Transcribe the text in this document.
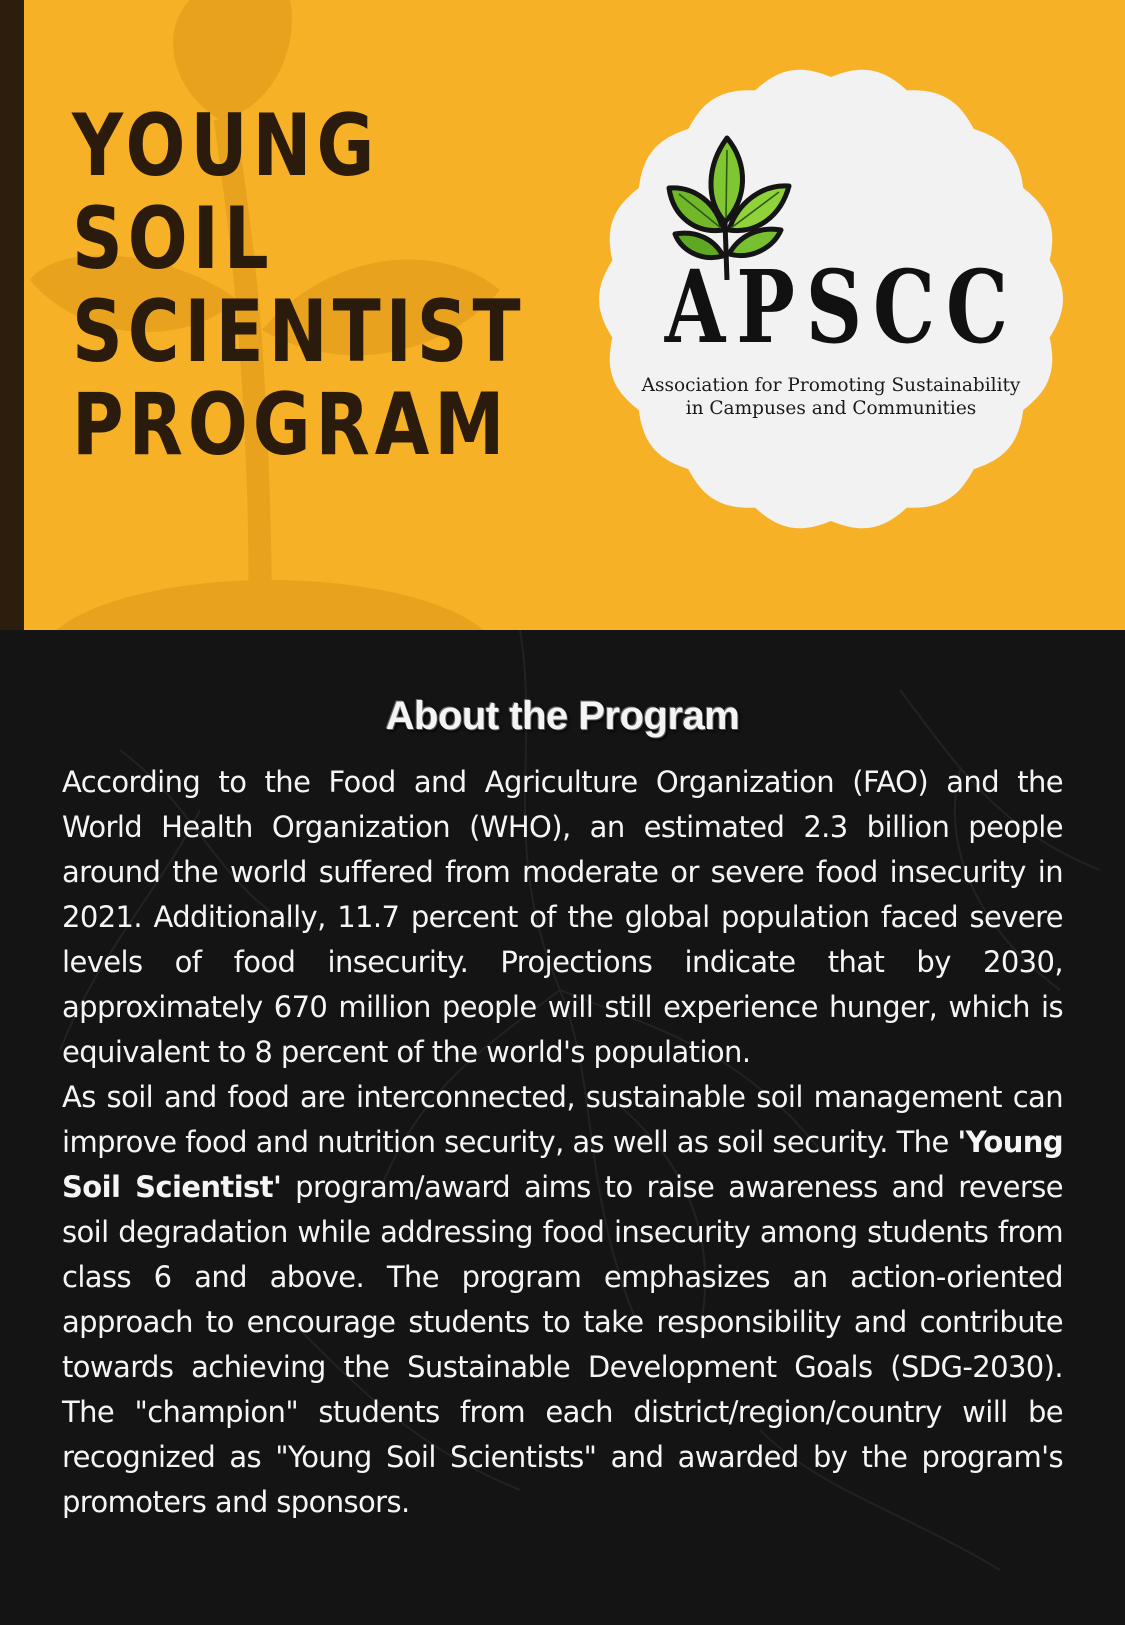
YOUNG
SOIL
SCIENTIST
PROGRAM
APSCC
Association for Promoting Sustainability
in Campuses and Communities
About the Program

According to the Food and Agriculture Organization (FAO) and the World Health Organization (WHO), an estimated 2.3 billion people around the world suffered from moderate or severe food insecurity in 2021. Additionally, 11.7 percent of the global population faced severe levels of food insecurity. Projections indicate that by 2030, approximately 670 million people will still experience hunger, which is equivalent to 8 percent of the world's population.

As soil and food are interconnected, sustainable soil management can improve food and nutrition security, as well as soil security. The 'Young Soil Scientist' program/award aims to raise awareness and reverse soil degradation while addressing food insecurity among students from class 6 and above. The program emphasizes an action-oriented approach to encourage students to take responsibility and contribute towards achieving the Sustainable Development Goals (SDG-2030). The "champion" students from each district/region/country will be recognized as "Young Soil Scientists" and awarded by the program's promoters and sponsors.
